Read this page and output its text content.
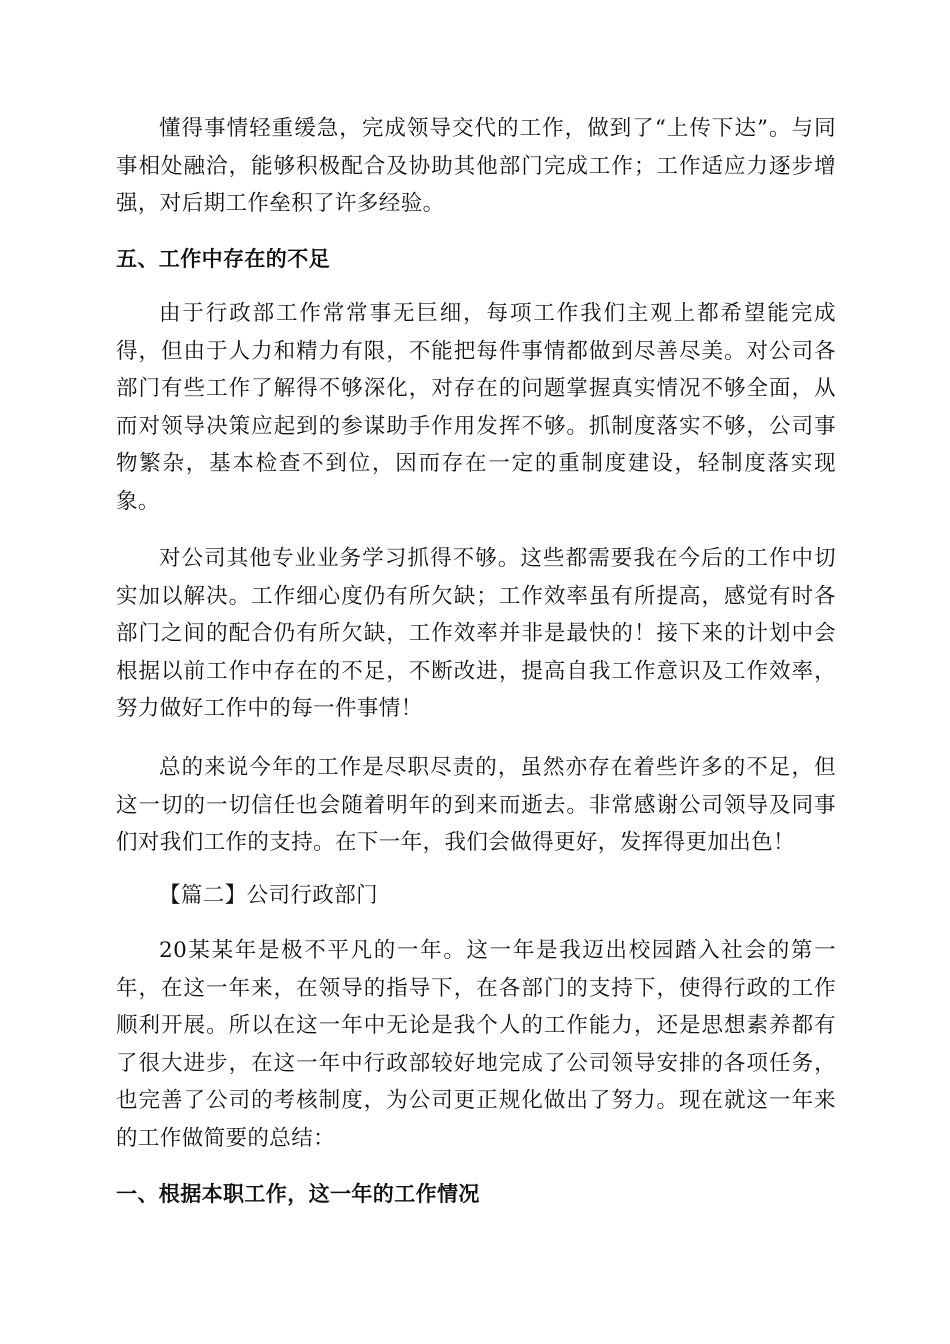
懂得事情轻重缓急，完成领导交代的工作，做到了“上传下达”。与同事相处融洽，能够积极配合及协助其他部门完成工作；工作适应力逐步增强，对后期工作垒积了许多经验。

五、工作中存在的不足

由于行政部工作常常事无巨细，每项工作我们主观上都希望能完成得，但由于人力和精力有限，不能把每件事情都做到尽善尽美。对公司各部门有些工作了解得不够深化，对存在的问题掌握真实情况不够全面，从而对领导决策应起到的参谋助手作用发挥不够。抓制度落实不够，公司事物繁杂，基本检查不到位，因而存在一定的重制度建设，轻制度落实现象。

对公司其他专业业务学习抓得不够。这些都需要我在今后的工作中切实加以解决。工作细心度仍有所欠缺；工作效率虽有所提高，感觉有时各部门之间的配合仍有所欠缺，工作效率并非是最快的！接下来的计划中会根据以前工作中存在的不足，不断改进，提高自我工作意识及工作效率，努力做好工作中的每一件事情！

总的来说今年的工作是尽职尽责的，虽然亦存在着些许多的不足，但这一切的一切信任也会随着明年的到来而逝去。非常感谢公司领导及同事们对我们工作的支持。在下一年，我们会做得更好，发挥得更加出色！

【篇二】公司行政部门

20某某年是极不平凡的一年。这一年是我迈出校园踏入社会的第一年，在这一年来，在领导的指导下，在各部门的支持下，使得行政的工作顺利开展。所以在这一年中无论是我个人的工作能力，还是思想素养都有了很大进步，在这一年中行政部较好地完成了公司领导安排的各项任务，也完善了公司的考核制度，为公司更正规化做出了努力。现在就这一年来的工作做简要的总结：

一、根据本职工作，这一年的工作情况
